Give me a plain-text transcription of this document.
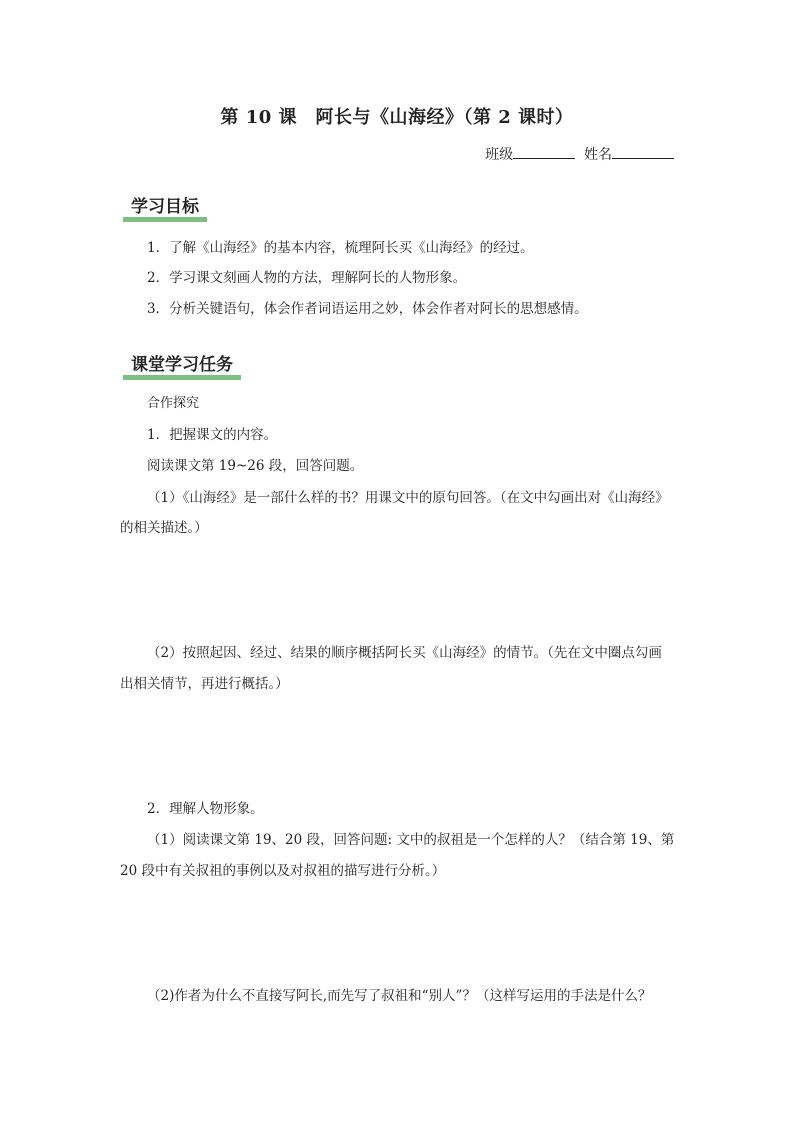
第 10 课　阿长与《山海经》（第 2 课时）
班级	姓名
学习目标
1．了解《山海经》的基本内容，梳理阿长买《山海经》的经过。
2．学习课文刻画人物的方法，理解阿长的人物形象。
3．分析关键语句，体会作者词语运用之妙，体会作者对阿长的思想感情。
课堂学习任务
合作探究
1．把握课文的内容。
阅读课文第 19~26 段，回答问题。
（1）《山海经》是一部什么样的书？用课文中的原句回答。（在文中勾画出对《山海经》
的相关描述。）
（2）按照起因、经过、结果的顺序概括阿长买《山海经》的情节。（先在文中圈点勾画
出相关情节，再进行概括。）
2．理解人物形象。
（1）阅读课文第 19、20 段，回答问题: 文中的叔祖是一个怎样的人？（结合第 19、第
20 段中有关叔祖的事例以及对叔祖的描写进行分析。）
（2)作者为什么不直接写阿长,而先写了叔祖和“别人”？（这样写运用的手法是什么？
